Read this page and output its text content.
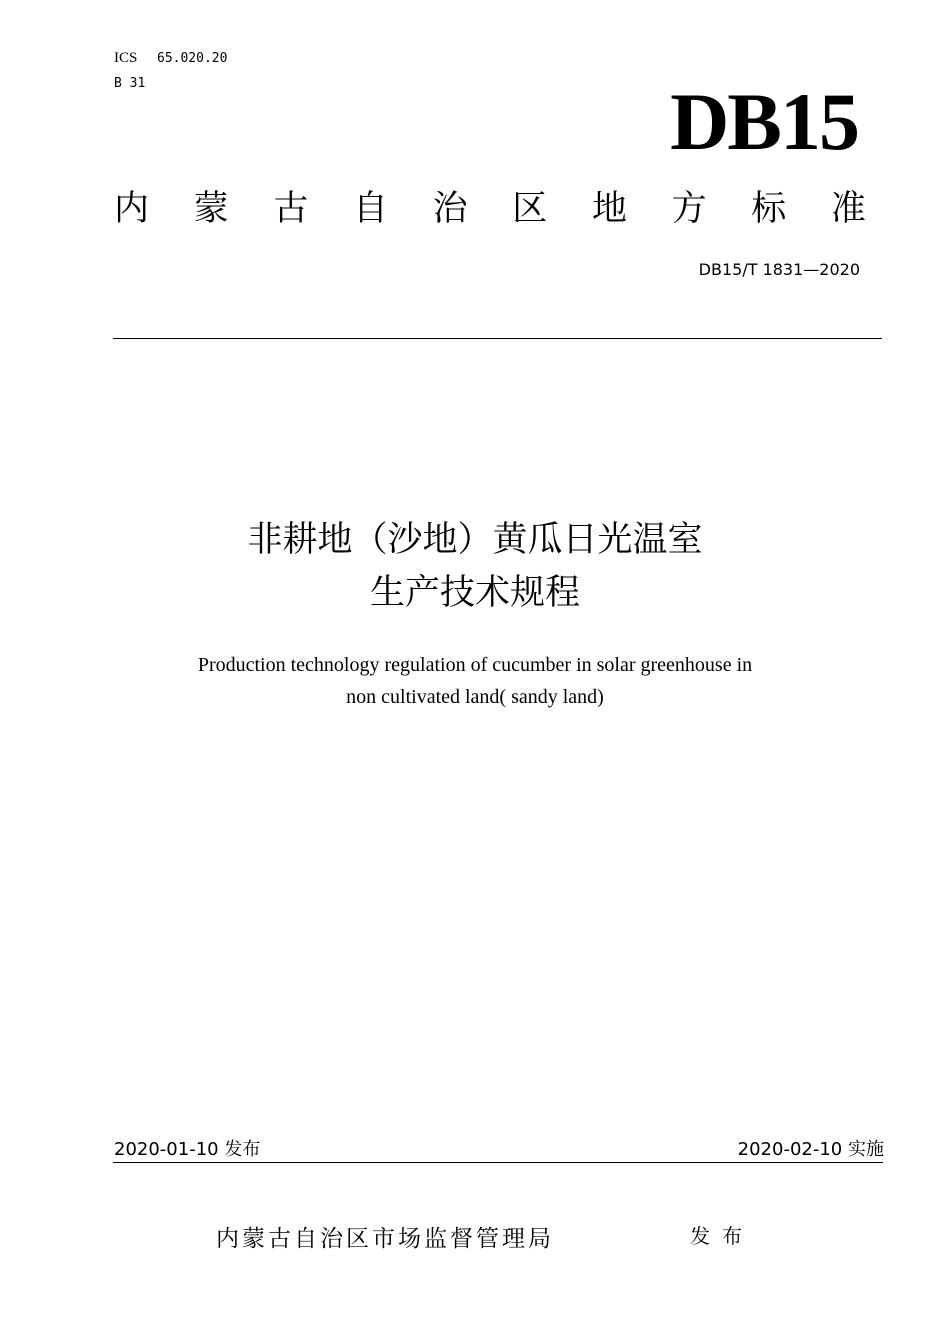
ICS 65.020.20
B 31	DB15
内 蒙 古 自 治 区 地 方 标 准
DB15/T 1831—2020
非耕地（沙地）黄瓜日光温室
生产技术规程
Production technology regulation of cucumber in solar greenhouse in
non cultivated land( sandy land)
2020-01-10 发布	2020-02-10 实施
内蒙古自治区市场监督管理局	发布
